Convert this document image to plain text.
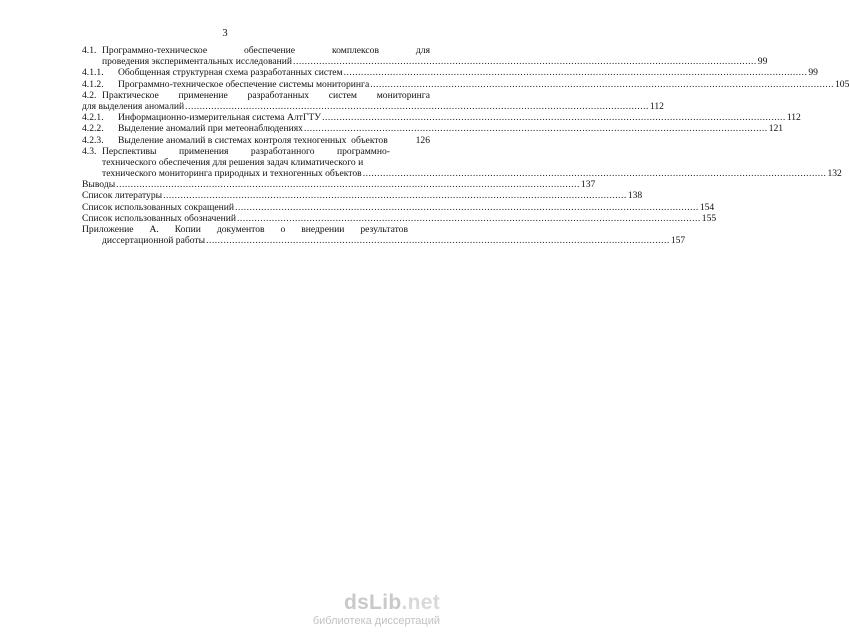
3
4.1. Программно-техническое	обеспечение	комплексов	для
проведения экспериментальных исследований .....	99
4.1.1.	Обобщенная структурная схема разработанных систем .....	99
4.1.2.	Программно-техническое обеспечение системы мониторинга .....	105
4.2. Практическое применение разработанных систем мониторинга
для выделения аномалий .....	112
4.2.1.	Информационно-измерительная система АлтГТУ .....	112
4.2.2.	Выделение аномалий при метеонаблюдениях .....	121
4.2.3.	Выделение аномалий в системах контроля техногенных  объектов	126
4.3. Перспективы применения разработанного программно-
технического обеспечения для решения задач климатического и
технического мониторинга природных и техногенных объектов .....	132
Выводы .....	137
Список литературы .....	138
Список использованных сокращений .....	154
Список использованных обозначений .....	155
Приложение А. Копии документов о внедрении результатов
диссертационной работы .....	157
dsLib.net
библиотека диссертаций
